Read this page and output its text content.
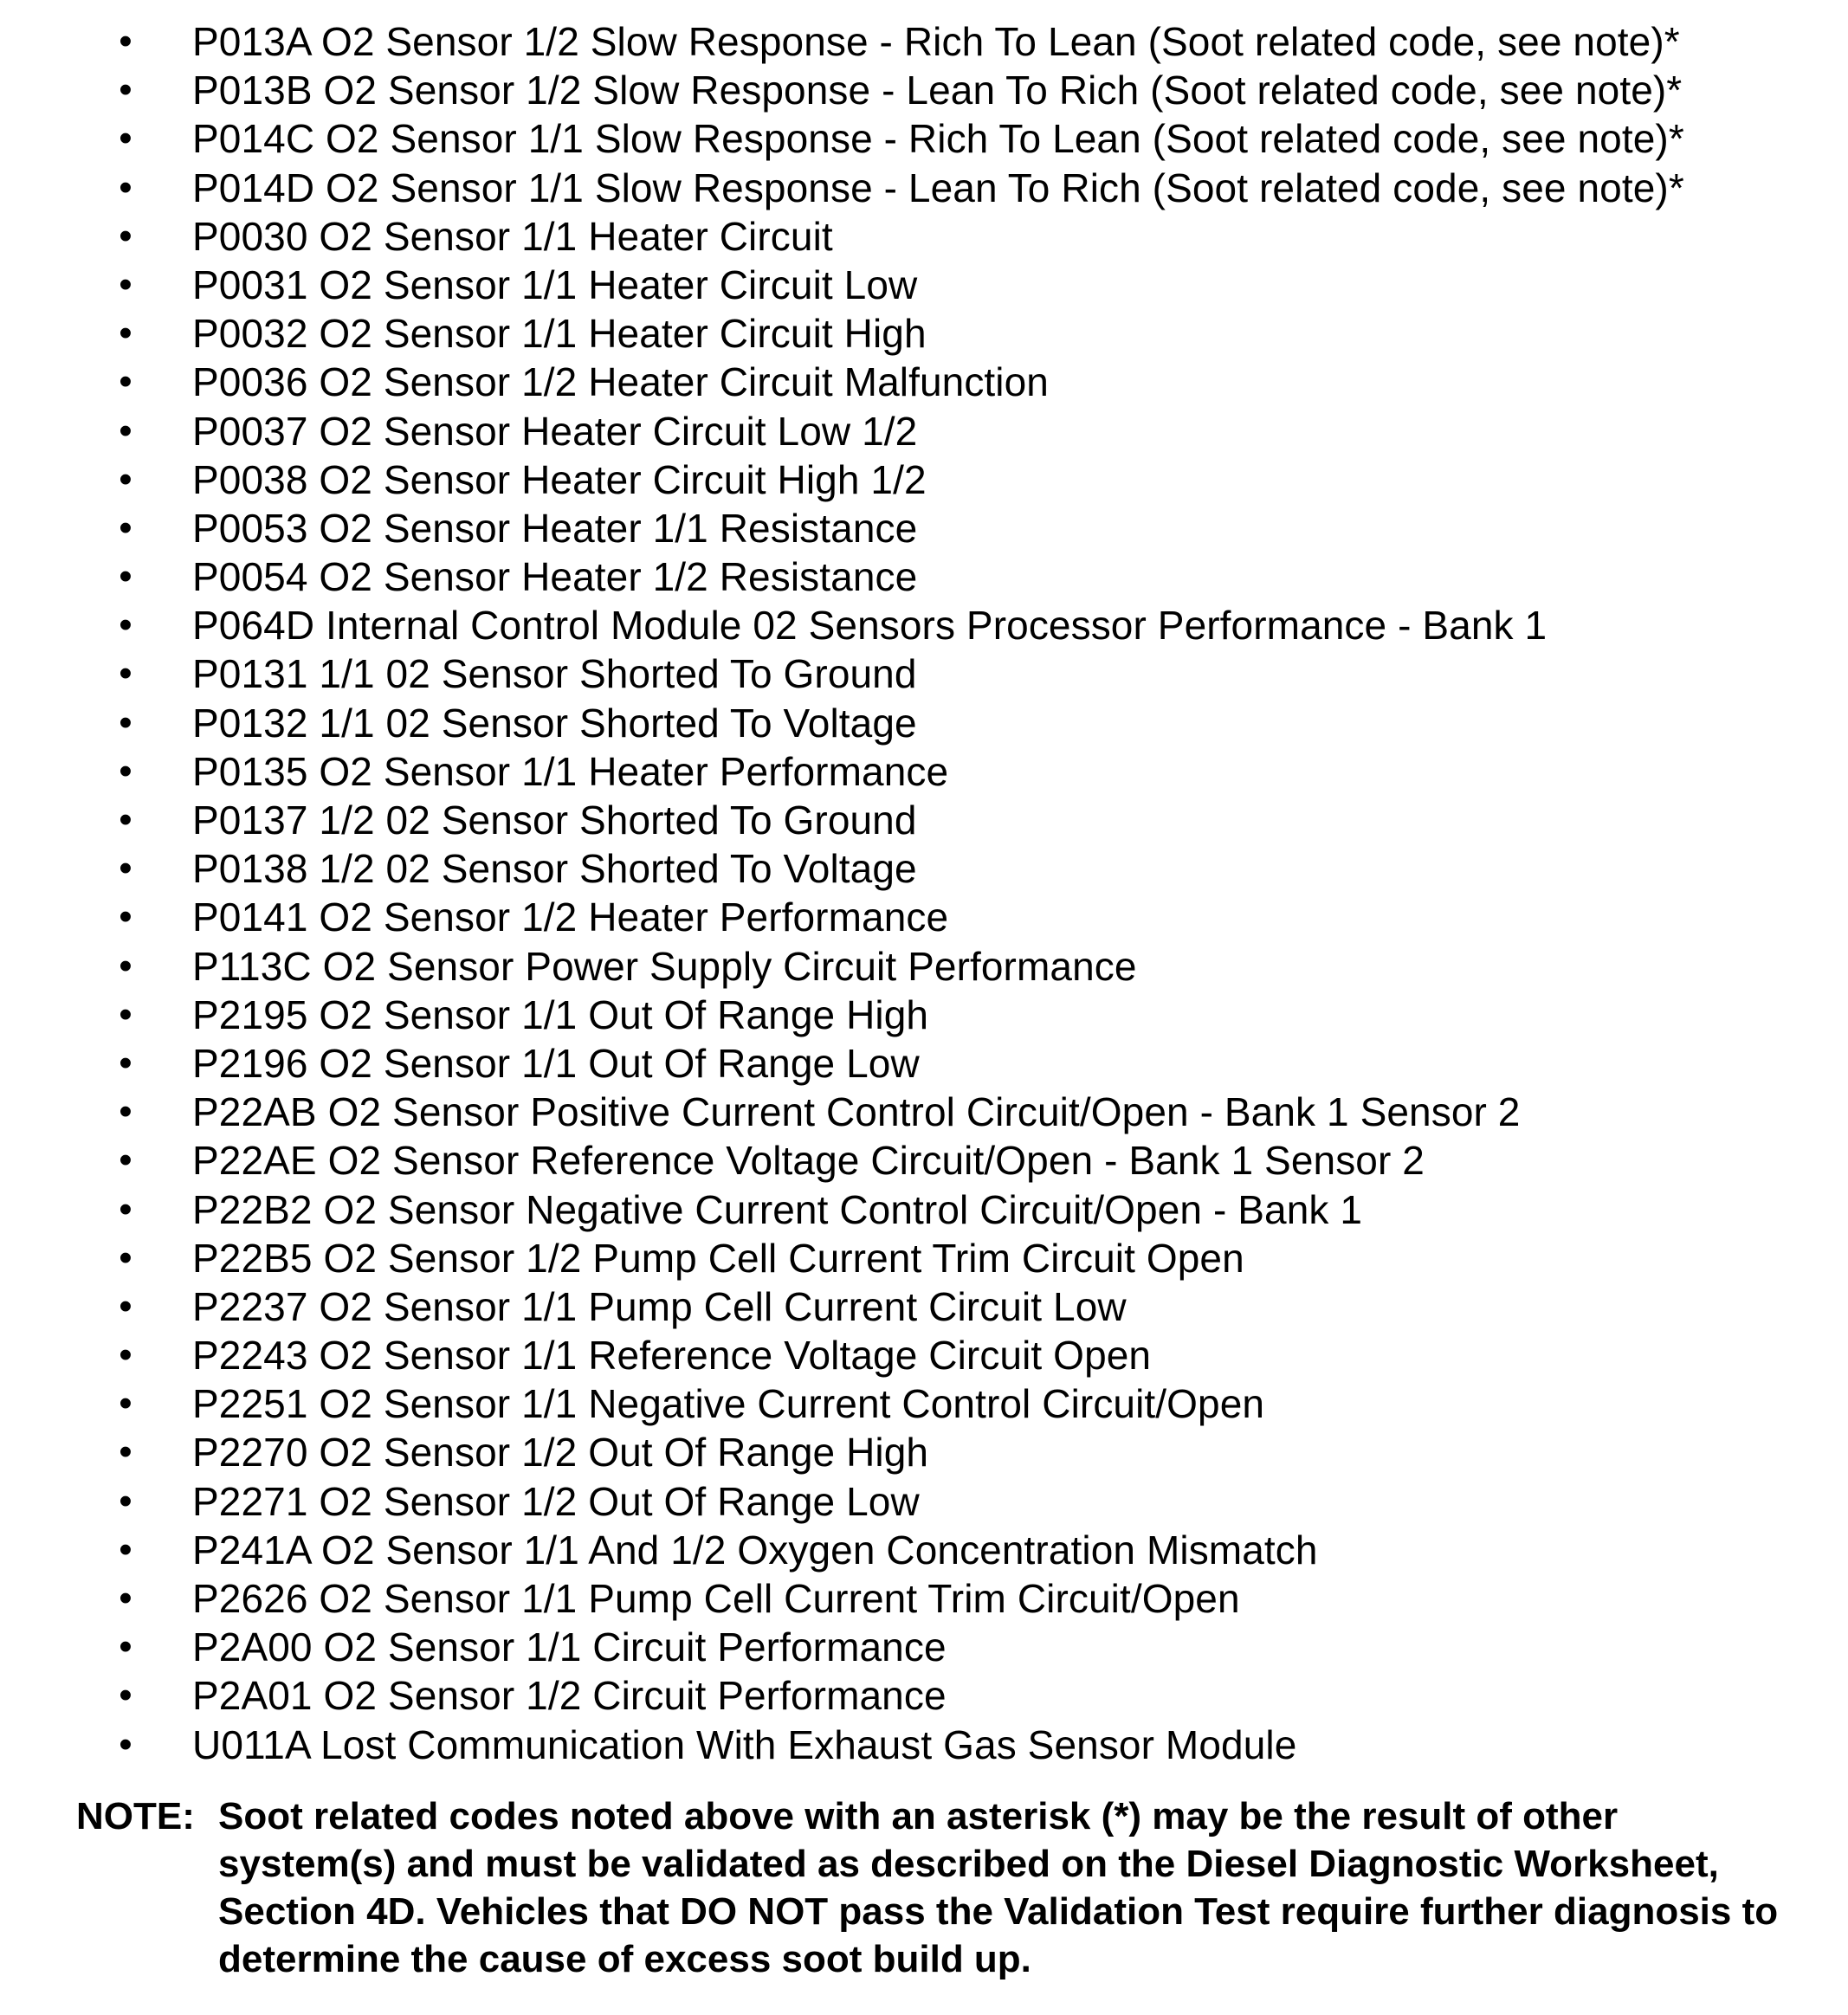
• P013A O2 Sensor 1/2 Slow Response - Rich To Lean (Soot related code, see note)*
• P013B O2 Sensor 1/2 Slow Response - Lean To Rich (Soot related code, see note)*
• P014C O2 Sensor 1/1 Slow Response - Rich To Lean (Soot related code, see note)*
• P014D O2 Sensor 1/1 Slow Response - Lean To Rich (Soot related code, see note)*
• P0030 O2 Sensor 1/1 Heater Circuit
• P0031 O2 Sensor 1/1 Heater Circuit Low
• P0032 O2 Sensor 1/1 Heater Circuit High
• P0036 O2 Sensor 1/2 Heater Circuit Malfunction
• P0037 O2 Sensor Heater Circuit Low 1/2
• P0038 O2 Sensor Heater Circuit High 1/2
• P0053 O2 Sensor Heater 1/1 Resistance
• P0054 O2 Sensor Heater 1/2 Resistance
• P064D Internal Control Module 02 Sensors Processor Performance - Bank 1
• P0131 1/1 02 Sensor Shorted To Ground
• P0132 1/1 02 Sensor Shorted To Voltage
• P0135 O2 Sensor 1/1 Heater Performance
• P0137 1/2 02 Sensor Shorted To Ground
• P0138 1/2 02 Sensor Shorted To Voltage
• P0141 O2 Sensor 1/2 Heater Performance
• P113C O2 Sensor Power Supply Circuit Performance
• P2195 O2 Sensor 1/1 Out Of Range High
• P2196 O2 Sensor 1/1 Out Of Range Low
• P22AB O2 Sensor Positive Current Control Circuit/Open - Bank 1 Sensor 2
• P22AE O2 Sensor Reference Voltage Circuit/Open - Bank 1 Sensor 2
• P22B2 O2 Sensor Negative Current Control Circuit/Open - Bank 1
• P22B5 O2 Sensor 1/2 Pump Cell Current Trim Circuit Open
• P2237 O2 Sensor 1/1 Pump Cell Current Circuit Low
• P2243 O2 Sensor 1/1 Reference Voltage Circuit Open
• P2251 O2 Sensor 1/1 Negative Current Control Circuit/Open
• P2270 O2 Sensor 1/2 Out Of Range High
• P2271 O2 Sensor 1/2 Out Of Range Low
• P241A O2 Sensor 1/1 And 1/2 Oxygen Concentration Mismatch
• P2626 O2 Sensor 1/1 Pump Cell Current Trim Circuit/Open
• P2A00 O2 Sensor 1/1 Circuit Performance
• P2A01 O2 Sensor 1/2 Circuit Performance
• U011A Lost Communication With Exhaust Gas Sensor Module
NOTE: Soot related codes noted above with an asterisk (*) may be the result of other system(s) and must be validated as described on the Diesel Diagnostic Worksheet, Section 4D. Vehicles that DO NOT pass the Validation Test require further diagnosis to determine the cause of excess soot build up.
